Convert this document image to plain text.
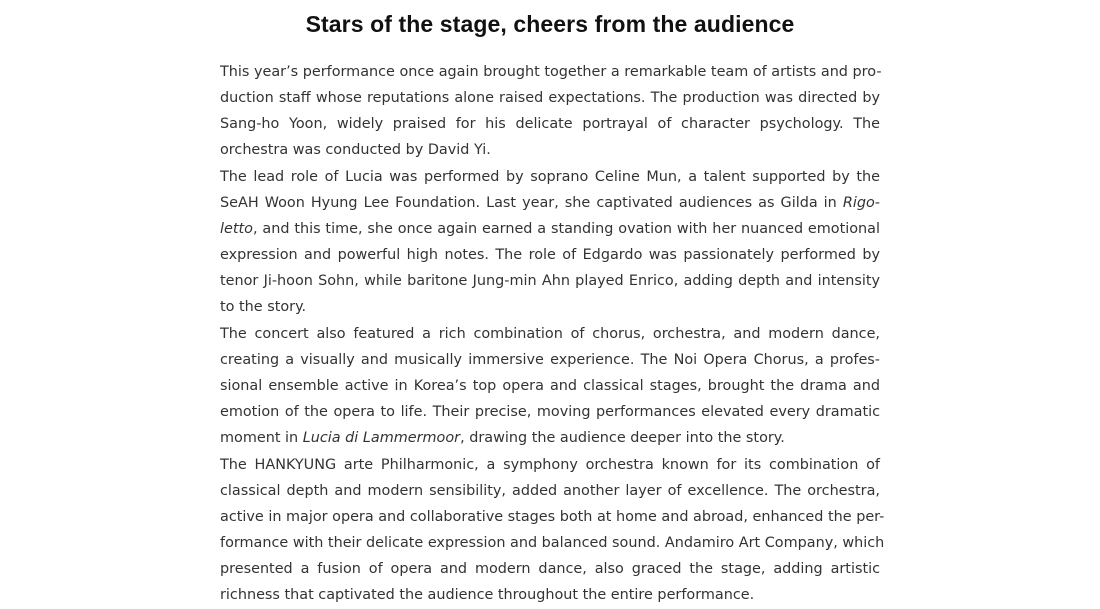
Stars of the stage, cheers from the audience

This year’s performance once again brought together a remarkable team of artists and pro-
duction staff whose reputations alone raised expectations. The production was directed by
Sang-ho Yoon, widely praised for his delicate portrayal of character psychology. The
orchestra was conducted by David Yi.

The lead role of Lucia was performed by soprano Celine Mun, a talent supported by the
SeAH Woon Hyung Lee Foundation. Last year, she captivated audiences as Gilda in Rigo-
letto, and this time, she once again earned a standing ovation with her nuanced emotional
expression and powerful high notes. The role of Edgardo was passionately performed by
tenor Ji-hoon Sohn, while baritone Jung-min Ahn played Enrico, adding depth and intensity
to the story.

The concert also featured a rich combination of chorus, orchestra, and modern dance,
creating a visually and musically immersive experience. The Noi Opera Chorus, a profes-
sional ensemble active in Korea’s top opera and classical stages, brought the drama and
emotion of the opera to life. Their precise, moving performances elevated every dramatic
moment in Lucia di Lammermoor, drawing the audience deeper into the story.

The HANKYUNG arte Philharmonic, a symphony orchestra known for its combination of
classical depth and modern sensibility, added another layer of excellence. The orchestra,
active in major opera and collaborative stages both at home and abroad, enhanced the per-
formance with their delicate expression and balanced sound. Andamiro Art Company, which
presented a fusion of opera and modern dance, also graced the stage, adding artistic
richness that captivated the audience throughout the entire performance.
